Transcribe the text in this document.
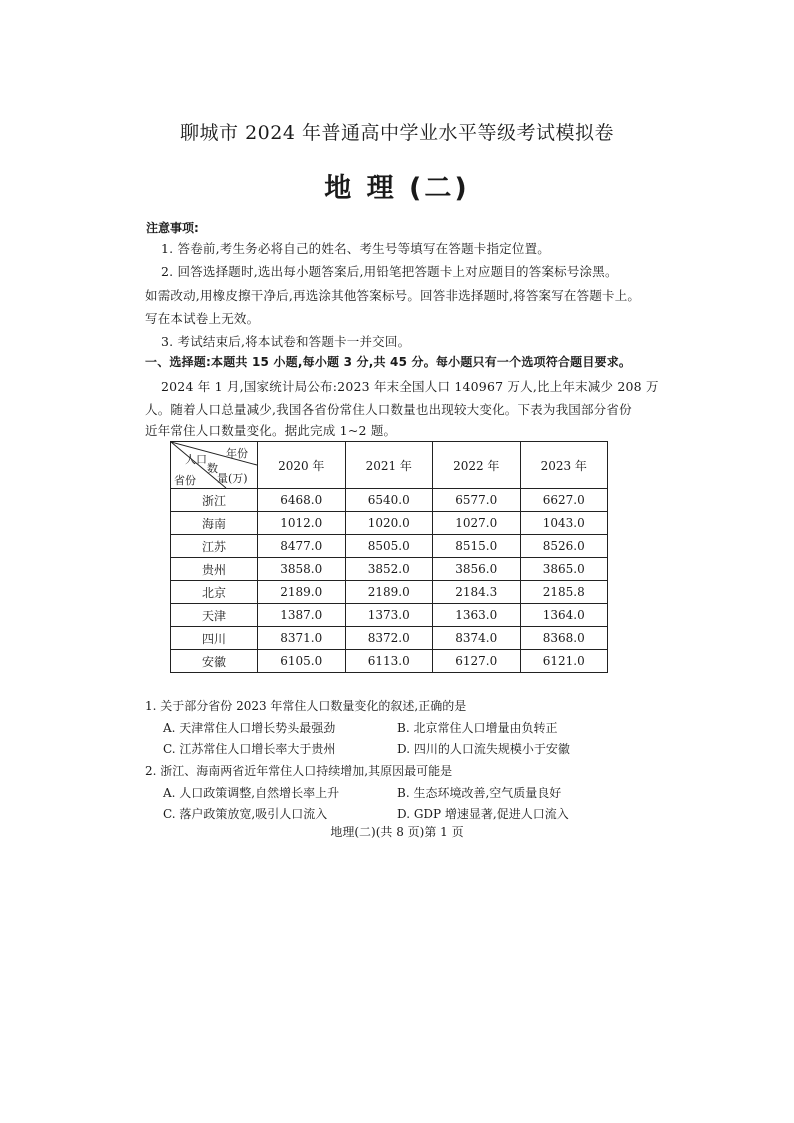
聊城市 2024 年普通高中学业水平等级考试模拟卷
地 理 (二)
注意事项:
1. 答卷前,考生务必将自己的姓名、考生号等填写在答题卡指定位置。
2. 回答选择题时,选出每小题答案后,用铅笔把答题卡上对应题目的答案标号涂黑。
如需改动,用橡皮擦干净后,再选涂其他答案标号。回答非选择题时,将答案写在答题卡上。
写在本试卷上无效。
3. 考试结束后,将本试卷和答题卡一并交回。
一、选择题:本题共 15 小题,每小题 3 分,共 45 分。每小题只有一个选项符合题目要求。
2024 年 1 月,国家统计局公布:2023 年末全国人口 140967 万人,比上年末减少 208 万
人。随着人口总量减少,我国各省份常住人口数量也出现较大变化。下表为我国部分省份
近年常住人口数量变化。据此完成 1~2 题。
年份
人口
数
量(万)
省份	2020 年	2021 年	2022 年	2023 年
浙江	6468.0	6540.0	6577.0	6627.0
海南	1012.0	1020.0	1027.0	1043.0
江苏	8477.0	8505.0	8515.0	8526.0
贵州	3858.0	3852.0	3856.0	3865.0
北京	2189.0	2189.0	2184.3	2185.8
天津	1387.0	1373.0	1363.0	1364.0
四川	8371.0	8372.0	8374.0	8368.0
安徽	6105.0	6113.0	6127.0	6121.0
1. 关于部分省份 2023 年常住人口数量变化的叙述,正确的是
A. 天津常住人口增长势头最强劲	B. 北京常住人口增量由负转正
C. 江苏常住人口增长率大于贵州	D. 四川的人口流失规模小于安徽
2. 浙江、海南两省近年常住人口持续增加,其原因最可能是
A. 人口政策调整,自然增长率上升	B. 生态环境改善,空气质量良好
C. 落户政策放宽,吸引人口流入	D. GDP 增速显著,促进人口流入
地理(二)(共 8 页)第 1 页
